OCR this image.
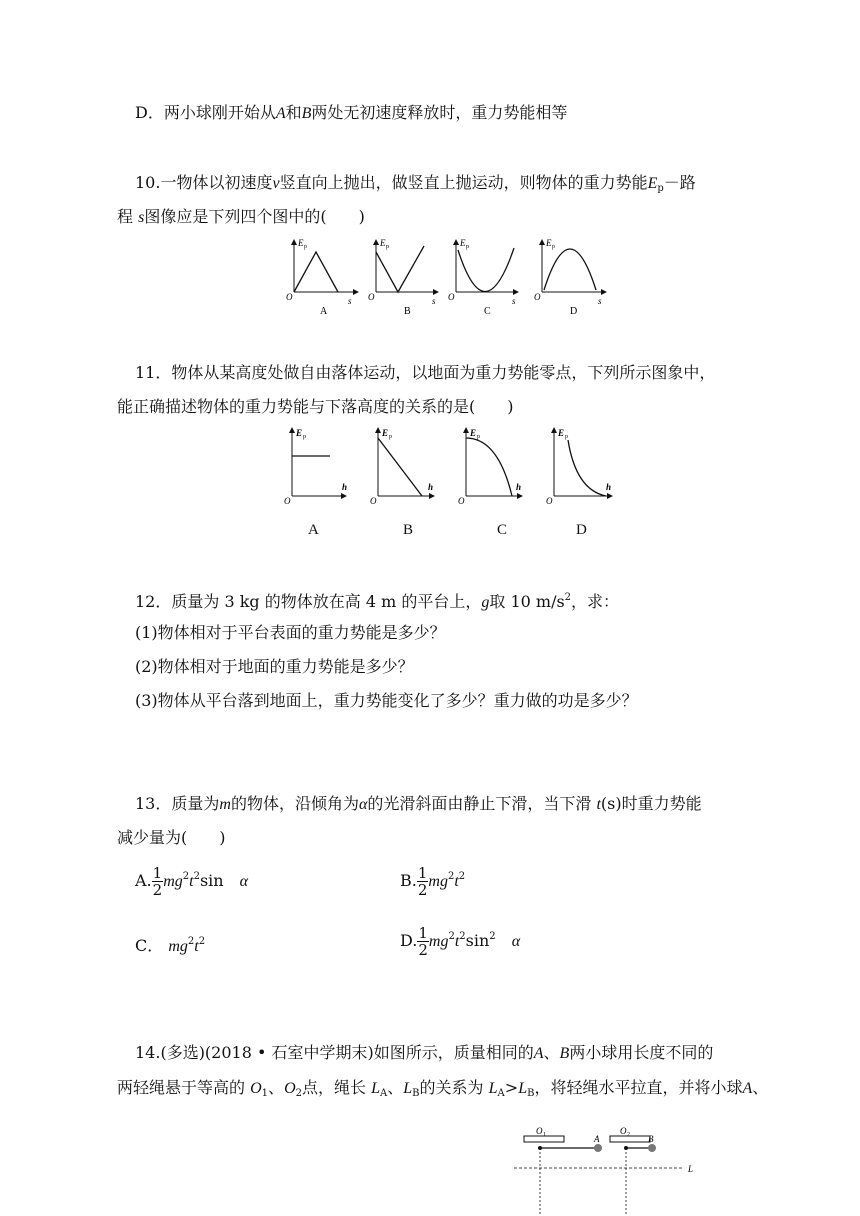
D．两小球刚开始从A和B两处无初速度释放时，重力势能相等
10.一物体以初速度v竖直向上抛出，做竖直上抛运动，则物体的重力势能$E_p-$路
程 s图像应是下列四个图中的(　　)
E p
s
O
E p
s
O
E p
s
O
E p
s
O
A	B	C	D
11．物体从某高度处做自由落体运动，以地面为重力势能零点，下列所示图象中，
能正确描述物体的重力势能与下落高度的关系的是(　　)
E p
h
O
E p
h
O
E p
h
O
E p
h
O
A	B	C	D
12．质量为 3 kg 的物体放在高 4 m 的平台上，g取 10 $m/s^2$，求：
(1)物体相对于平台表面的重力势能是多少？
(2)物体相对于地面的重力势能是多少？
(3)物体从平台落到地面上，重力势能变化了多少？重力做的功是多少？
13．质量为m的物体，沿倾角为α的光滑斜面由静止下滑，当下滑 t(s)时重力势能
减少量为(　　)
A. $\frac{1}{2} mg^2t^2\sin$　 α	B. $\frac{1}{2} mg^2t^2$
C． $mg^2t^2$	D. $\frac{1}{2} mg^2t^2\sin^2$　 α
14.(多选)(2018 • 石室中学期末)如图所示，质量相同的A、B两小球用长度不同的
两轻绳悬于等高的 $O_1$、$O_2$点，绳长 $L_A$、$L_B$的关系为 $L_A>L_B$，将轻绳水平拉直，并将小球A、
O 1	O 2
A	B
L
